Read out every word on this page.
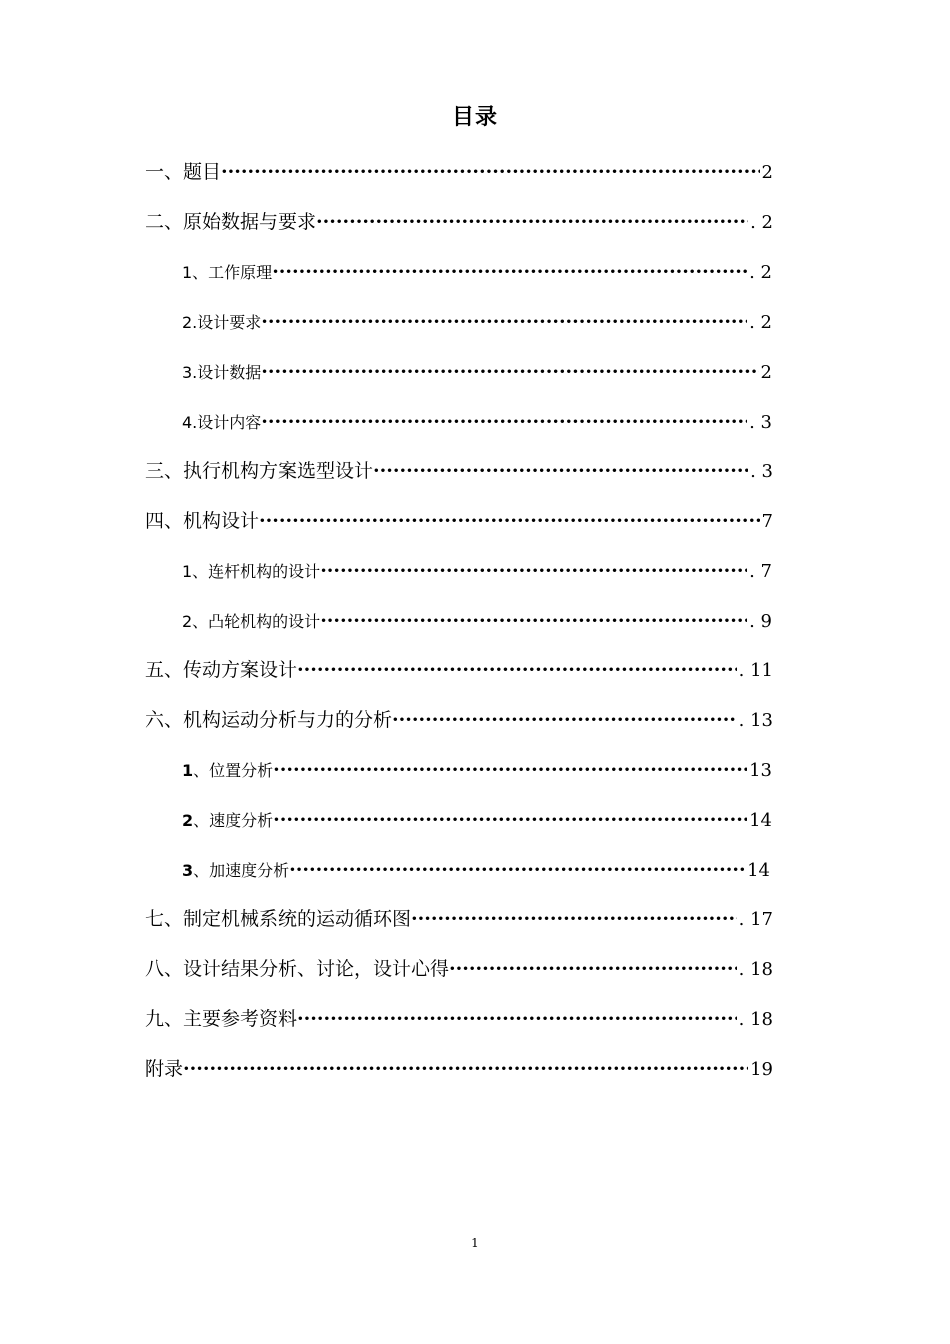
目录
一、题目 ·····	2
二、原始数据与要求 ·····	. 2
1、工作原理 ·····	. 2
2.设计要求 ·····	. 2
3.设计数据 ·····	2
4.设计内容 ·····	. 3
三、执行机构方案选型设计 ·····	. 3
四、机构设计 ·····	7
1、连杆机构的设计 ·····	. 7
2、凸轮机构的设计 ·····	. 9
五、传动方案设计 ·····	. 11
六、机构运动分析与力的分析 ·····	. 13
1、位置分析 ·····	13
2、速度分析 ·····	14
3、加速度分析 ·····	14
七、制定机械系统的运动循环图 ·····	. 17
八、设计结果分析、讨论，设计心得 ·····	. 18
九、主要参考资料 ·····	. 18
附录 ·····	19
1
